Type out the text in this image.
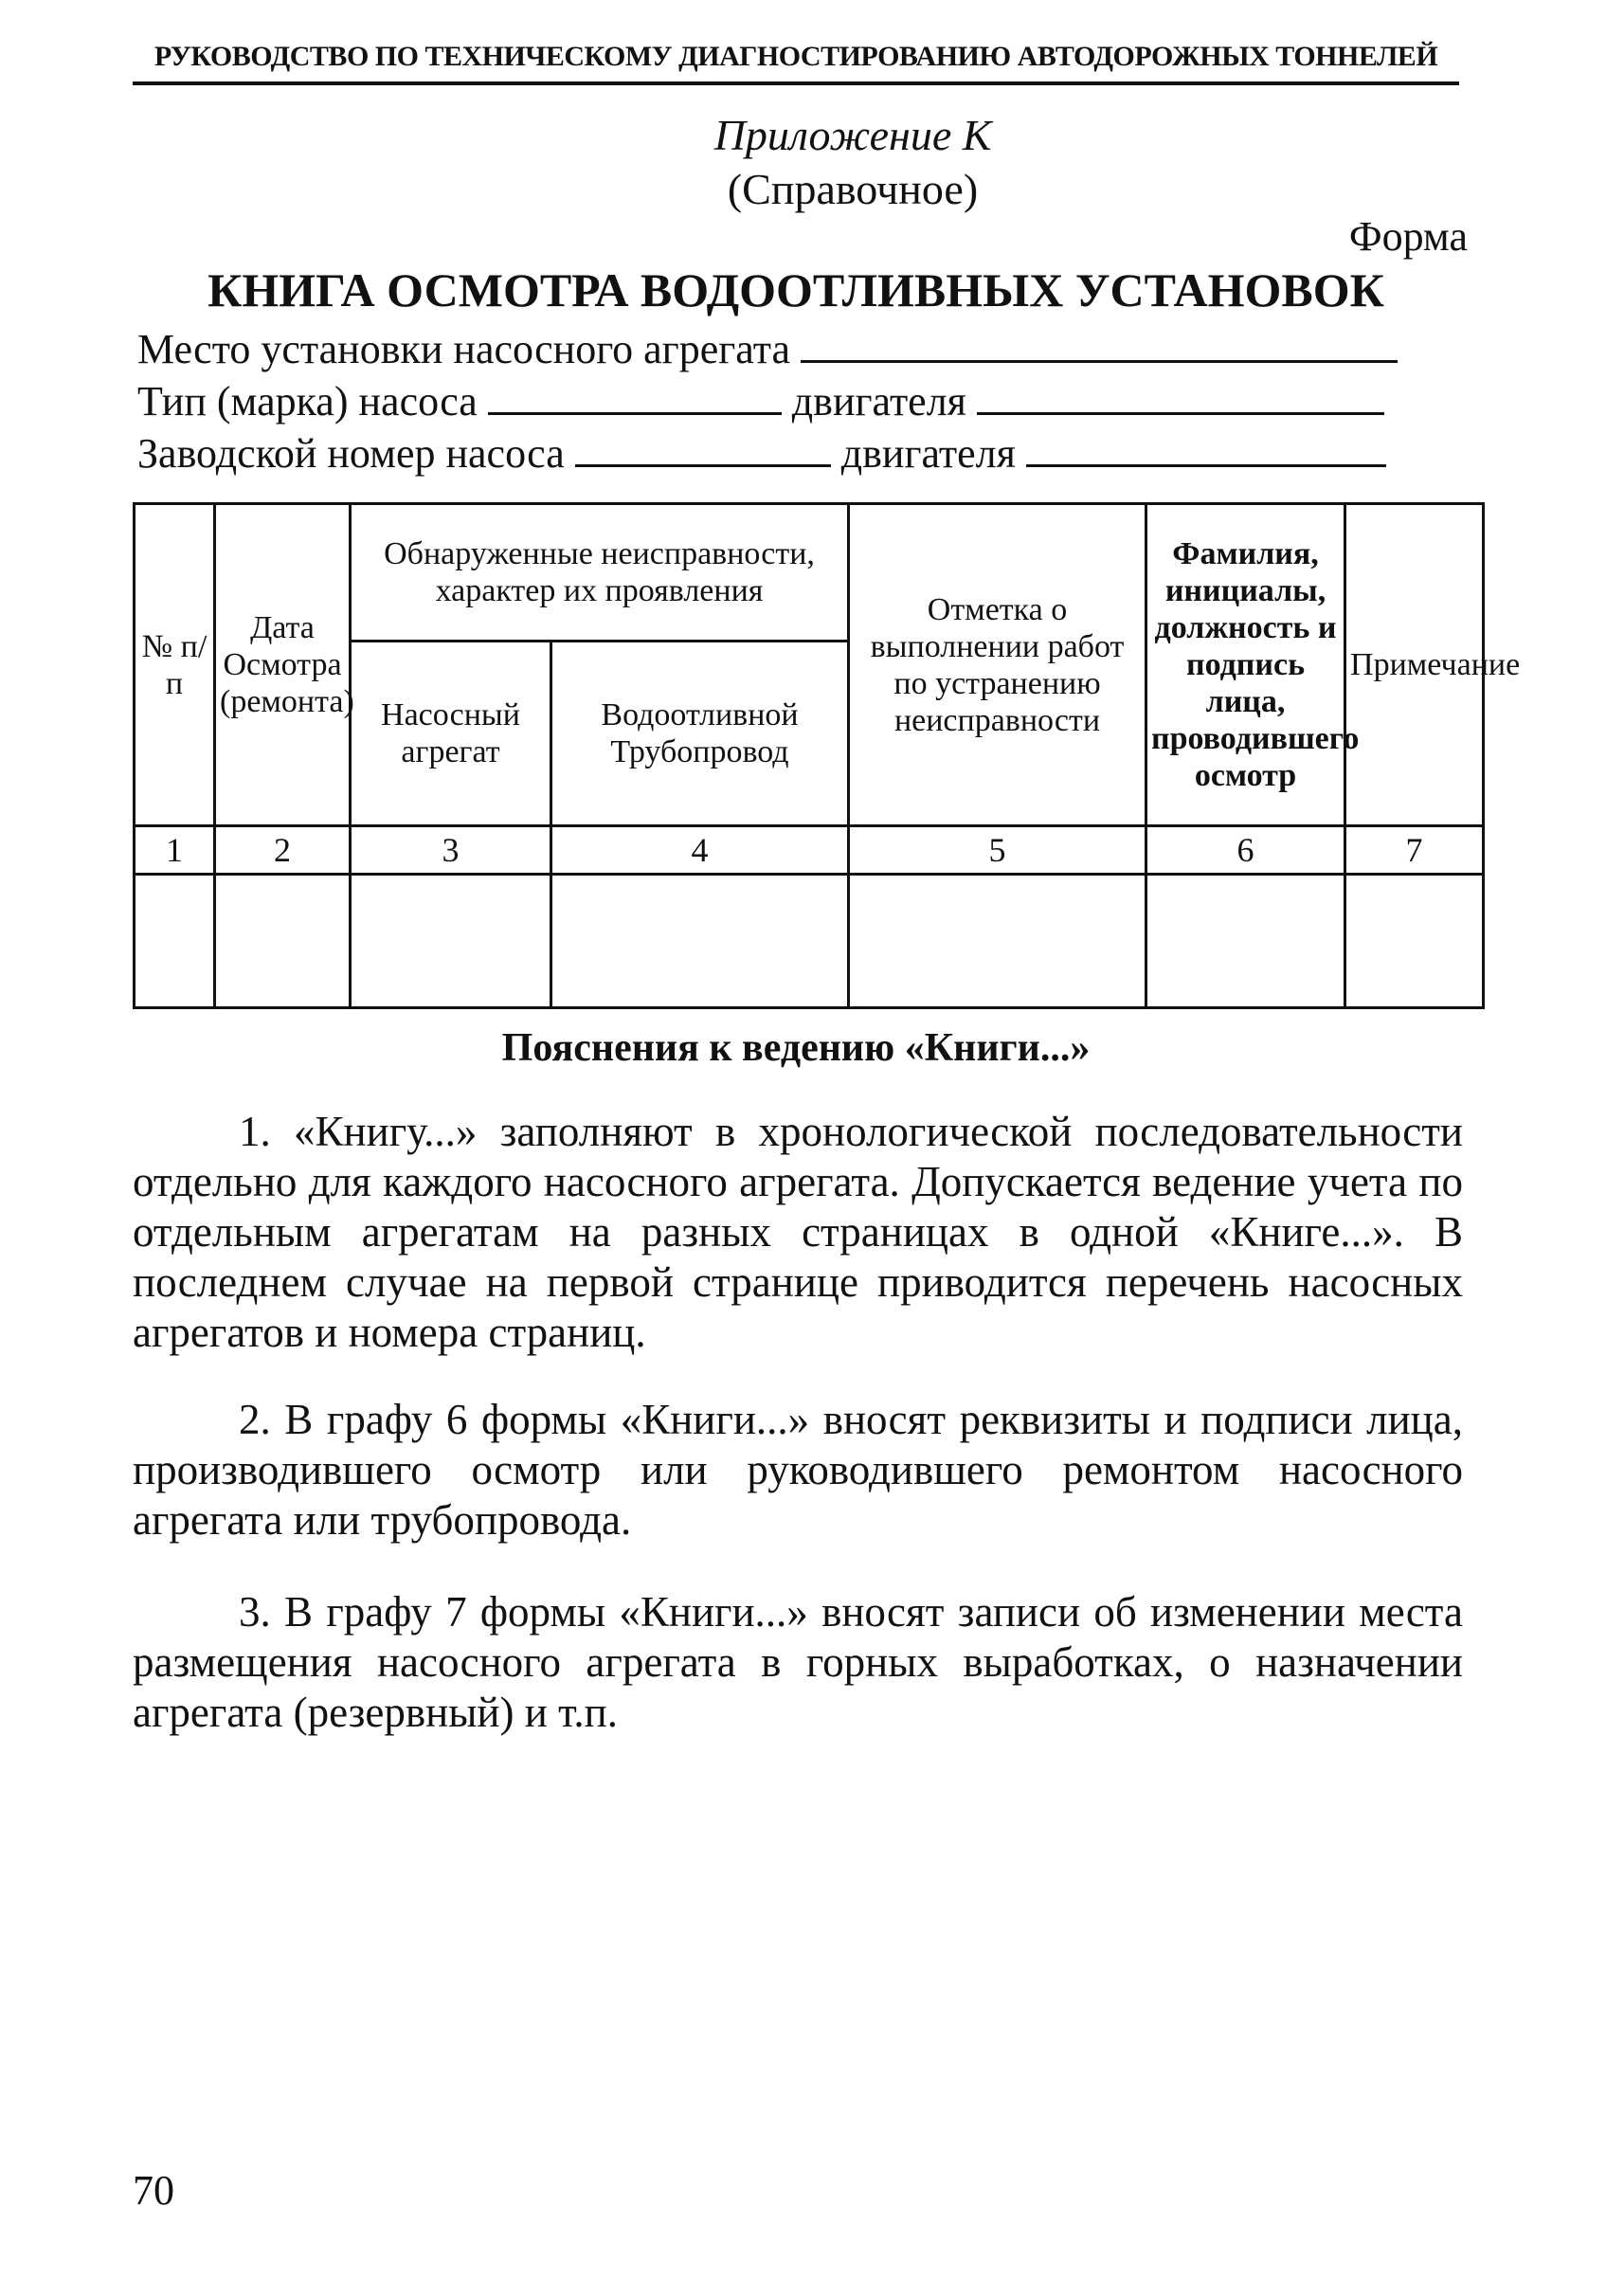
РУКОВОДСТВО ПО ТЕХНИЧЕСКОМУ ДИАГНОСТИРОВАНИЮ АВТОДОРОЖНЫХ ТОННЕЛЕЙ
Приложение К
(Справочное)
Форма
КНИГА ОСМОТРА ВОДООТЛИВНЫХ УСТАНОВОК
Место установки насосного агрегата
Тип (марка) насоса	двигателя
Заводской номер насоса	двигателя
№ п/п	Дата Осмотра (ремонта)	Обнаруженные неисправности, характер их проявления		Отметка о выполнении работ по устранению неисправности	Фамилия, инициалы, должность и подпись лица, проводившего осмотр	Примечание
		Насосный агрегат	Водоотливной Трубопровод			
1	2	3	4	5	6	7

Пояснения к ведению «Книги...»

1. «Книгу...» заполняют в хронологической последовательности отдельно для каждого насосного агрегата. Допускается ведение учета по отдельным агрегатам на разных страницах в одной «Книге...». В последнем случае на первой странице приводится перечень насосных агрегатов и номера страниц.

2. В графу 6 формы «Книги...» вносят реквизиты и подписи лица, производившего осмотр или руководившего ремонтом насосного агрегата или трубопровода.

3. В графу 7 формы «Книги...» вносят записи об изменении места размещения насосного агрегата в горных выработках, о назначении агрегата (резервный) и т.п.

70
